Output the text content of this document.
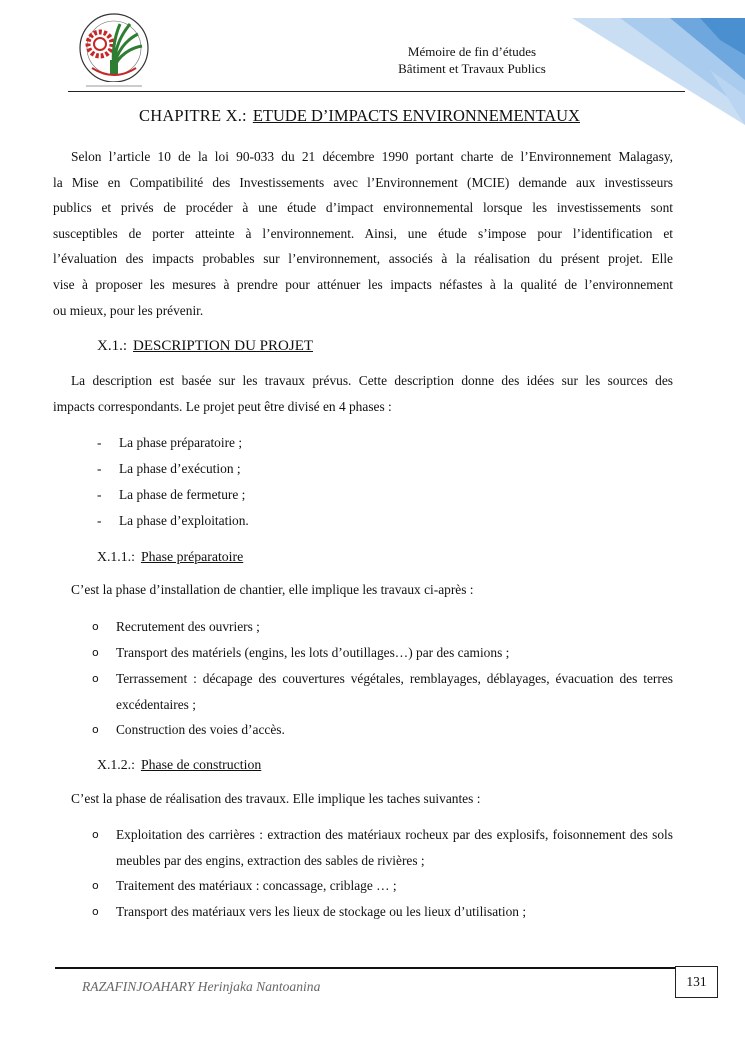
Mémoire de fin d’études
Bâtiment et Travaux Publics
CHAPITRE X.: ETUDE D’IMPACTS ENVIRONNEMENTAUX
Selon l’article 10 de la loi 90-033 du 21 décembre 1990 portant charte de l’Environnement Malagasy,
la Mise en Compatibilité des Investissements avec l’Environnement (MCIE) demande aux investisseurs
publics et privés de procéder à une étude d’impact environnemental lorsque les investissements sont
susceptibles de porter atteinte à l’environnement. Ainsi, une étude s’impose pour l’identification et
l’évaluation des impacts probables sur l’environnement, associés à la réalisation du présent projet. Elle
vise à proposer les mesures à prendre pour atténuer les impacts néfastes à la qualité de l’environnement
ou mieux, pour les prévenir.
X.1.: DESCRIPTION DU PROJET
La description est basée sur les travaux prévus. Cette description donne des idées sur les sources des
impacts correspondants. Le projet peut être divisé en 4 phases :
- La phase préparatoire ;
- La phase d’exécution ;
- La phase de fermeture ;
- La phase d’exploitation.
X.1.1.: Phase préparatoire
C’est la phase d’installation de chantier, elle implique les travaux ci-après :
o	Recrutement des ouvriers ;
o	Transport des matériels (engins, les lots d’outillages…) par des camions ;
o	Terrassement : décapage des couvertures végétales, remblayages, déblayages, évacuation des terres excédentaires ;
o	Construction des voies d’accès.
X.1.2.: Phase de construction
C’est la phase de réalisation des travaux. Elle implique les taches suivantes :
o	Exploitation des carrières : extraction des matériaux rocheux par des explosifs, foisonnement des sols meubles par des engins, extraction des sables de rivières ;
o	Traitement des matériaux : concassage, criblage … ;
o	Transport des matériaux vers les lieux de stockage ou les lieux d’utilisation ;
RAZAFINJOAHARY Herinjaka Nantoanina	131
